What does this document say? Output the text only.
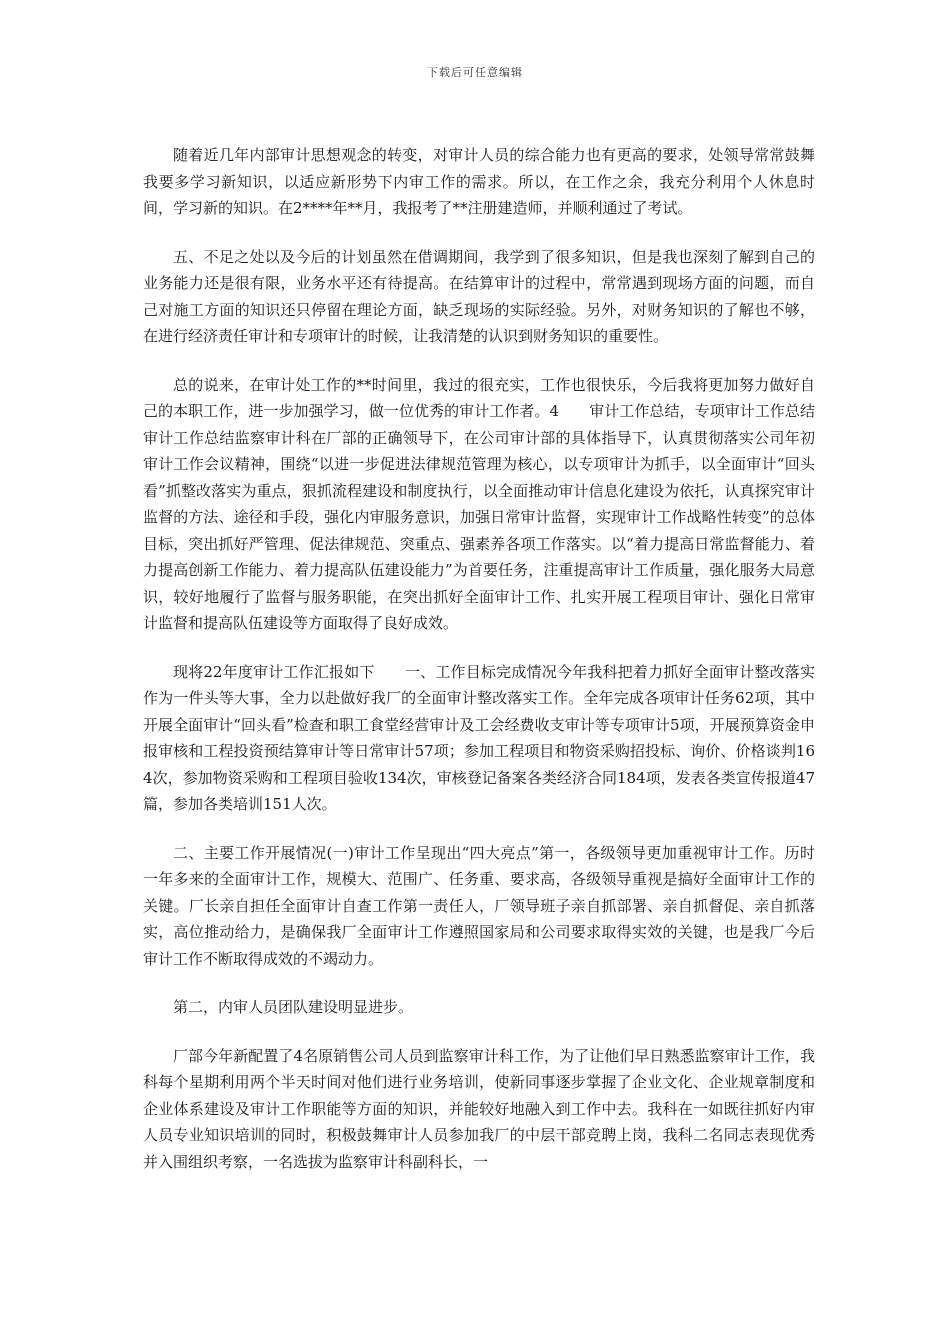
下载后可任意编辑

随着近几年内部审计思想观念的转变，对审计人员的综合能力也有更高的要求，处领导常常鼓舞我要多学习新知识，以适应新形势下内审工作的需求。所以，在工作之余，我充分利用个人休息时间，学习新的知识。在2****年**月，我报考了**注册建造师，并顺利通过了考试。

五、不足之处以及今后的计划虽然在借调期间，我学到了很多知识，但是我也深刻了解到自己的业务能力还是很有限，业务水平还有待提高。在结算审计的过程中，常常遇到现场方面的问题，而自己对施工方面的知识还只停留在理论方面，缺乏现场的实际经验。另外，对财务知识的了解也不够，在进行经济责任审计和专项审计的时候，让我清楚的认识到财务知识的重要性。

总的说来，在审计处工作的**时间里，我过的很充实，工作也很快乐，今后我将更加努力做好自己的本职工作，进一步加强学习，做一位优秀的审计工作者。4　　审计工作总结，专项审计工作总结　　审计工作总结监察审计科在厂部的正确领导下，在公司审计部的具体指导下，认真贯彻落实公司年初审计工作会议精神，围绕“以进一步促进法律规范管理为核心，以专项审计为抓手，以全面审计“回头看”抓整改落实为重点，狠抓流程建设和制度执行，以全面推动审计信息化建设为依托，认真探究审计监督的方法、途径和手段，强化内审服务意识，加强日常审计监督，实现审计工作战略性转变”的总体目标，突出抓好严管理、促法律规范、突重点、强素养各项工作落实。以“着力提高日常监督能力、着力提高创新工作能力、着力提高队伍建设能力”为首要任务，注重提高审计工作质量，强化服务大局意识，较好地履行了监督与服务职能，在突出抓好全面审计工作、扎实开展工程项目审计、强化日常审计监督和提高队伍建设等方面取得了良好成效。

现将22年度审计工作汇报如下　　一、工作目标完成情况今年我科把着力抓好全面审计整改落实作为一件头等大事，全力以赴做好我厂的全面审计整改落实工作。全年完成各项审计任务62项，其中开展全面审计“回头看”检查和职工食堂经营审计及工会经费收支审计等专项审计5项，开展预算资金申报审核和工程投资预结算审计等日常审计57项；参加工程项目和物资采购招投标、询价、价格谈判164次，参加物资采购和工程项目验收134次，审核登记备案各类经济合同184项，发表各类宣传报道47篇，参加各类培训151人次。

二、主要工作开展情况(一)审计工作呈现出“四大亮点”第一，各级领导更加重视审计工作。历时一年多来的全面审计工作，规模大、范围广、任务重、要求高，各级领导重视是搞好全面审计工作的关键。厂长亲自担任全面审计自查工作第一责任人，厂领导班子亲自抓部署、亲自抓督促、亲自抓落实，高位推动给力，是确保我厂全面审计工作遵照国家局和公司要求取得实效的关键，也是我厂今后审计工作不断取得成效的不竭动力。

第二，内审人员团队建设明显进步。

厂部今年新配置了4名原销售公司人员到监察审计科工作，为了让他们早日熟悉监察审计工作，我科每个星期利用两个半天时间对他们进行业务培训，使新同事逐步掌握了企业文化、企业规章制度和企业体系建设及审计工作职能等方面的知识，并能较好地融入到工作中去。我科在一如既往抓好内审人员专业知识培训的同时，积极鼓舞审计人员参加我厂的中层干部竞聘上岗，我科二名同志表现优秀并入围组织考察，一名选拔为监察审计科副科长，一
